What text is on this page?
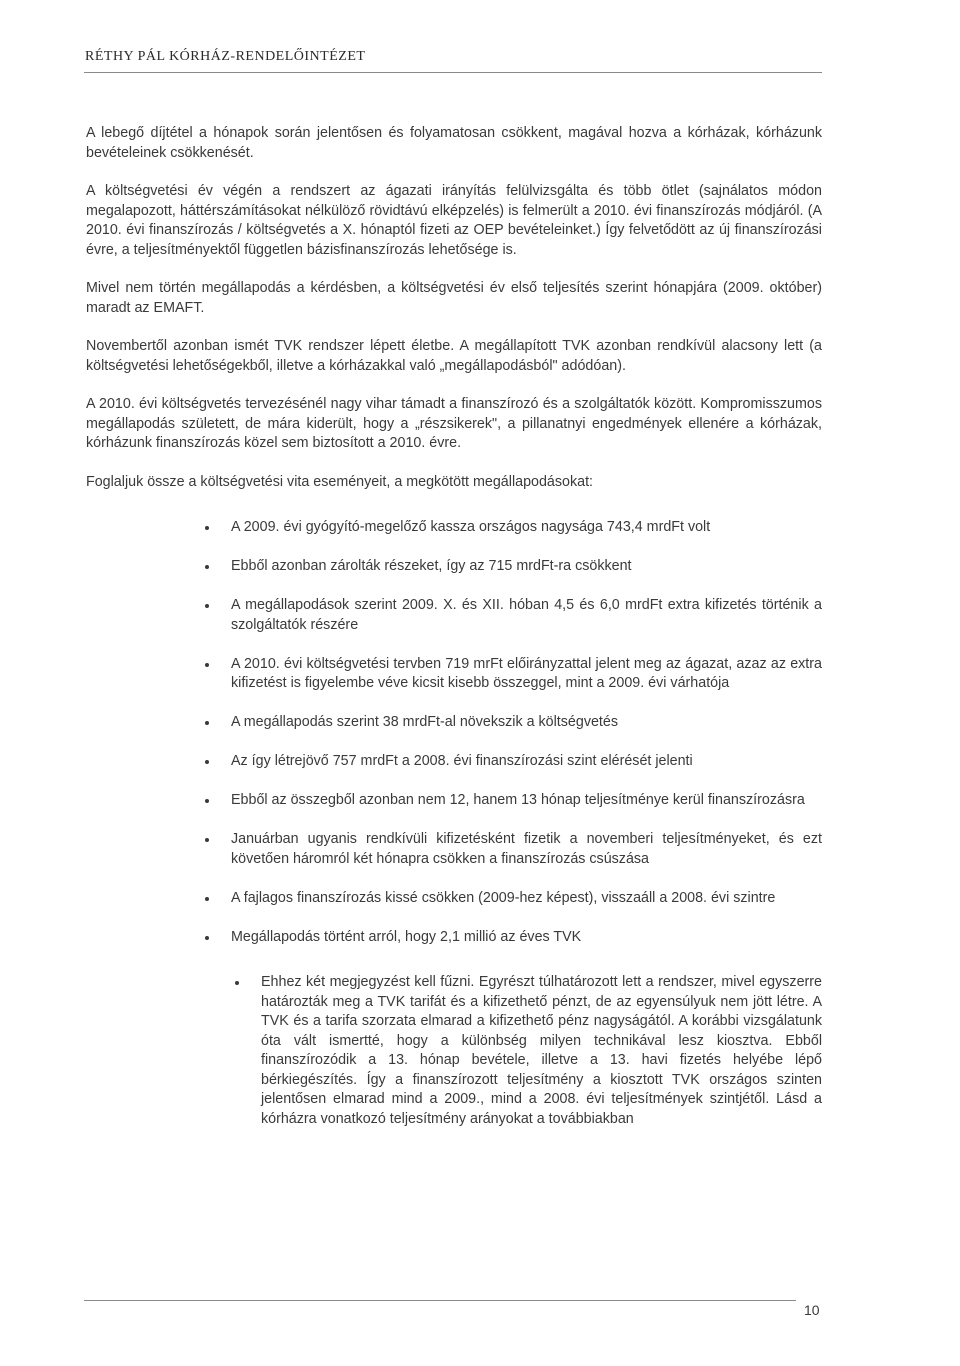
RÉTHY PÁL KÓRHÁZ-RENDELŐINTÉZET

A lebegő díjtétel a hónapok során jelentősen és folyamatosan csökkent, magával hozva a kórházak, kórházunk bevételeinek csökkenését.

A költségvetési év végén a rendszert az ágazati irányítás felülvizsgálta és több ötlet (sajnálatos módon megalapozott, háttérszámításokat nélkülöző rövidtávú elképzelés) is felmerült a 2010. évi finanszírozás módjáról. (A 2010. évi finanszírozás / költségvetés a X. hónaptól fizeti az OEP bevételeinket.) Így felvetődött az új finanszírozási évre, a teljesítményektől független bázisfinanszírozás lehetősége is.

Mivel nem történ megállapodás a kérdésben, a költségvetési év első teljesítés szerint hónapjára (2009. október) maradt az EMAFT.

Novembertől azonban ismét TVK rendszer lépett életbe. A megállapított TVK azonban rendkívül alacsony lett (a költségvetési lehetőségekből, illetve a kórházakkal való „megállapodásból" adódóan).

A 2010. évi költségvetés tervezésénél nagy vihar támadt a finanszírozó és a szolgáltatók között. Kompromisszumos megállapodás született, de mára kiderült, hogy a „részsikerek", a pillanatnyi engedmények ellenére a kórházak, kórházunk finanszírozás közel sem biztosított a 2010. évre.

Foglaljuk össze a költségvetési vita eseményeit, a megkötött megállapodásokat:

A 2009. évi gyógyító-megelőző kassza országos nagysága 743,4 mrdFt volt
Ebből azonban zárolták részeket, így az 715 mrdFt-ra csökkent
A megállapodások szerint 2009. X. és XII. hóban 4,5 és 6,0 mrdFt extra kifizetés történik a szolgáltatók részére
A 2010. évi költségvetési tervben 719 mrFt előirányzattal jelent meg az ágazat, azaz az extra kifizetést is figyelembe véve kicsit kisebb összeggel, mint a 2009. évi várhatója
A megállapodás szerint 38 mrdFt-al növekszik a költségvetés
Az így létrejövő 757 mrdFt a 2008. évi finanszírozási szint elérését jelenti
Ebből az összegből azonban nem 12, hanem 13 hónap teljesítménye kerül finanszírozásra
Januárban ugyanis rendkívüli kifizetésként fizetik a novemberi teljesítményeket, és ezt követően háromról két hónapra csökken a finanszírozás csúszása
A fajlagos finanszírozás kissé csökken (2009-hez képest), visszaáll a 2008. évi szintre
Megállapodás történt arról, hogy 2,1 millió az éves TVK
Ehhez két megjegyzést kell fűzni. Egyrészt túlhatározott lett a rendszer, mivel egyszerre határozták meg a TVK tarifát és a kifizethető pénzt, de az egyensúlyuk nem jött létre. A TVK és a tarifa szorzata elmarad a kifizethető pénz nagyságától. A korábbi vizsgálatunk óta vált ismertté, hogy a különbség milyen technikával lesz kiosztva. Ebből finanszírozódik a 13. hónap bevétele, illetve a 13. havi fizetés helyébe lépő bérkiegészítés. Így a finanszírozott teljesítmény a kiosztott TVK országos szinten jelentősen elmarad mind a 2009., mind a 2008. évi teljesítmények szintjétől. Lásd a kórházra vonatkozó teljesítmény arányokat a továbbiakban
10
